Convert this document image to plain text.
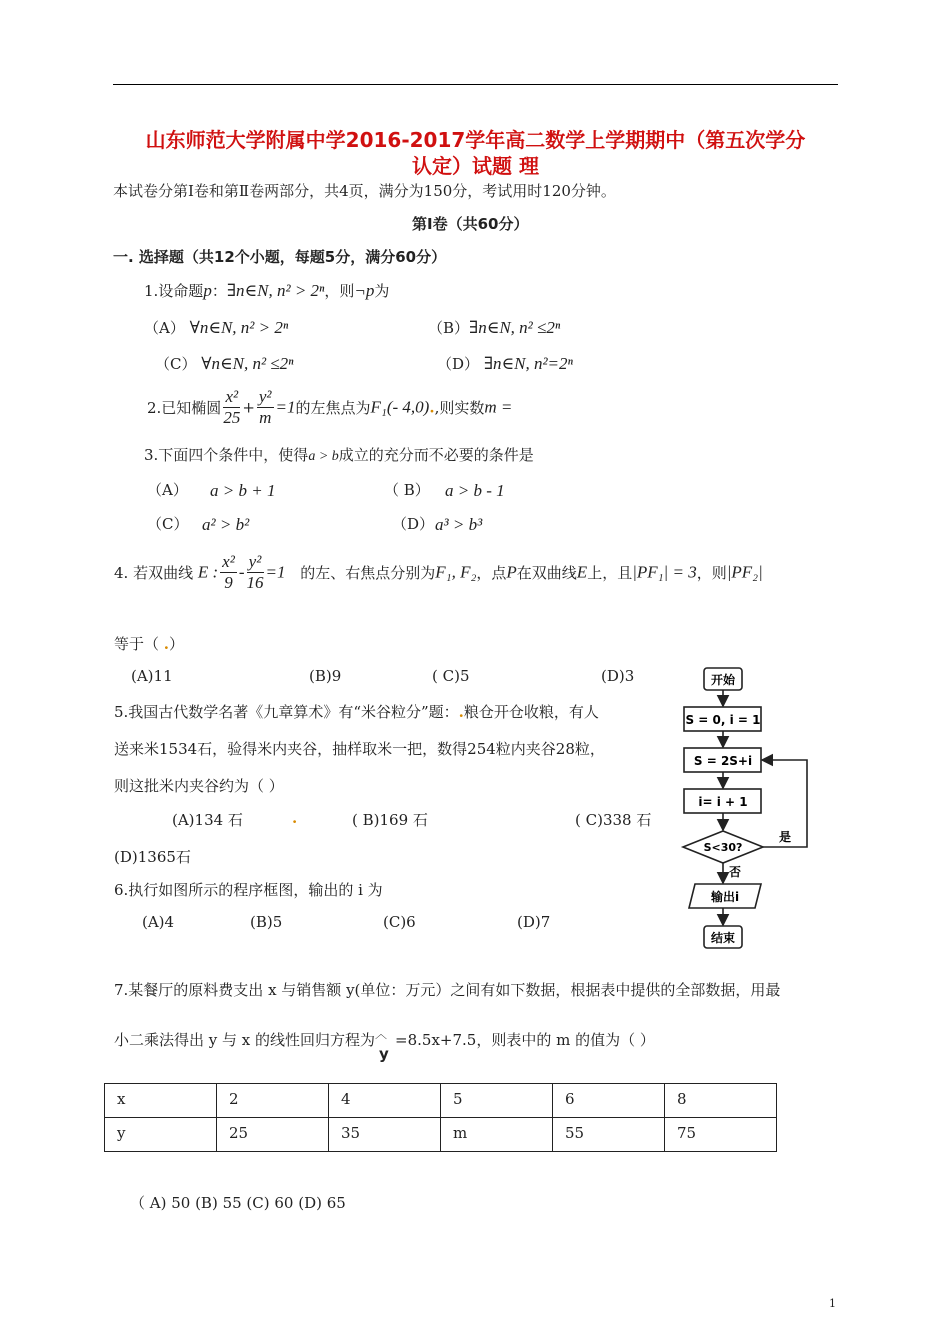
山东师范大学附属中学2016-2017学年高二数学上学期期中（第五次学分
认定）试题 理
本试卷分第Ⅰ卷和第Ⅱ卷两部分，共4页，满分为150分，考试用时120分钟。
第Ⅰ卷（共60分）
一. 选择题（共12个小题，每题5分，满分60分）
1.设命题p：∃n∈N, n² > 2ⁿ，则¬p为
（A） ∀n∈N, n² > 2ⁿ	（B）∃n∈N, n² ≤2ⁿ
（C） ∀n∈N, n² ≤2ⁿ	（D） ∃n∈N, n²=2ⁿ
2.已知椭圆 $\frac{\text{x²}}{25} + \frac{\text{y²}}{m} =1$的左焦点为F₁(- 4,0).,则实数m =
3.下面四个条件中，使得a > b成立的充分而不必要的条件是
（A） a > b + 1	（ B） a > b - 1
（C） a² > b²	（D） a³ > b³
4. 若双曲线 E : $\frac{\text{x²}}{9} - \frac{\text{y²}}{16} =1$ 的左、右焦点分别为F₁, F₂，点P在双曲线E上，且|PF₁| = 3，则|PF₂|
等于（ .）
(A)11	(B)9	( C)5	(D)3
5.我国古代数学名著《九章算术》有“米谷粒分”题：.粮仓开仓收粮，有人
送来米1534石，验得米内夹谷，抽样取米一把，数得254粒内夹谷28粒，
则这批米内夹谷约为（ ）
(A)134 石	.	( B)169 石	( C)338 石
(D)1365石
6.执行如图所示的程序框图，输出的 i 为
(A)4	(B)5	(C)6	(D)7
开始
S = 0, i = 1
S = 2S+i
i= i + 1
S<30?
是
否
输出i
结束
7.某餐厅的原料费支出 x 与销售额 y(单位：万元）之间有如下数据，根据表中提供的全部数据，用最
小二乘法得出 y 与 x 的线性回归方程为 ︿
y
=8.5x+7.5，则表中的 m 的值为（ ）
x	2	4	5	6	8
y	25	35	m	55	75
（ A) 50 (B) 55 (C) 60 (D) 65
1
